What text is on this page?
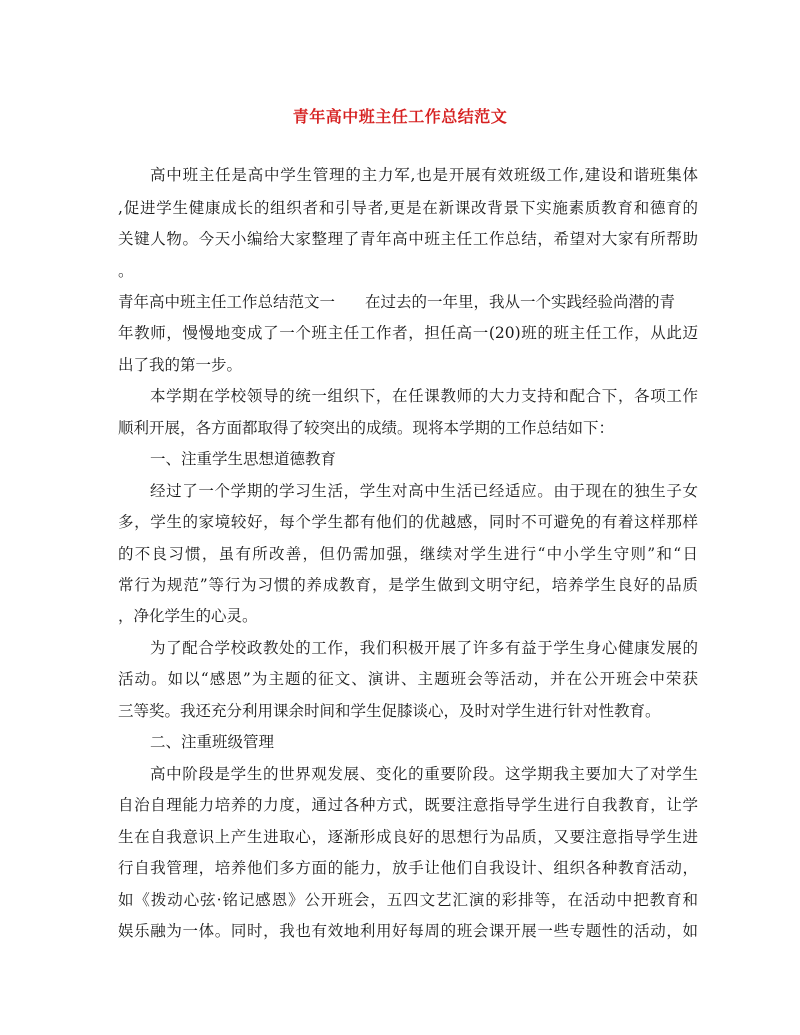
青年高中班主任工作总结范文
高中班主任是高中学生管理的主力军,也是开展有效班级工作,建设和谐班集体
,促进学生健康成长的组织者和引导者,更是在新课改背景下实施素质教育和德育的
关键人物。今天小编给大家整理了青年高中班主任工作总结，希望对大家有所帮助
。
青年高中班主任工作总结范文一 在过去的一年里，我从一个实践经验尚潜的青
年教师，慢慢地变成了一个班主任工作者，担任高一(20)班的班主任工作，从此迈
出了我的第一步。
本学期在学校领导的统一组织下，在任课教师的大力支持和配合下，各项工作
顺利开展，各方面都取得了较突出的成绩。现将本学期的工作总结如下：
一、注重学生思想道德教育
经过了一个学期的学习生活，学生对高中生活已经适应。由于现在的独生子女
多，学生的家境较好，每个学生都有他们的优越感，同时不可避免的有着这样那样
的不良习惯，虽有所改善，但仍需加强，继续对学生进行“中小学生守则”和“日
常行为规范”等行为习惯的养成教育，是学生做到文明守纪，培养学生良好的品质
，净化学生的心灵。
为了配合学校政教处的工作，我们积极开展了许多有益于学生身心健康发展的
活动。如以“感恩”为主题的征文、演讲、主题班会等活动，并在公开班会中荣获
三等奖。我还充分利用课余时间和学生促膝谈心，及时对学生进行针对性教育。
二、注重班级管理
高中阶段是学生的世界观发展、变化的重要阶段。这学期我主要加大了对学生
自治自理能力培养的力度，通过各种方式，既要注意指导学生进行自我教育，让学
生在自我意识上产生进取心，逐渐形成良好的思想行为品质，又要注意指导学生进
行自我管理，培养他们多方面的能力，放手让他们自我设计、组织各种教育活动，
如《拨动心弦·铭记感恩》公开班会，五四文艺汇演的彩排等，在活动中把教育和
娱乐融为一体。同时，我也有效地利用好每周的班会课开展一些专题性的活动，如
